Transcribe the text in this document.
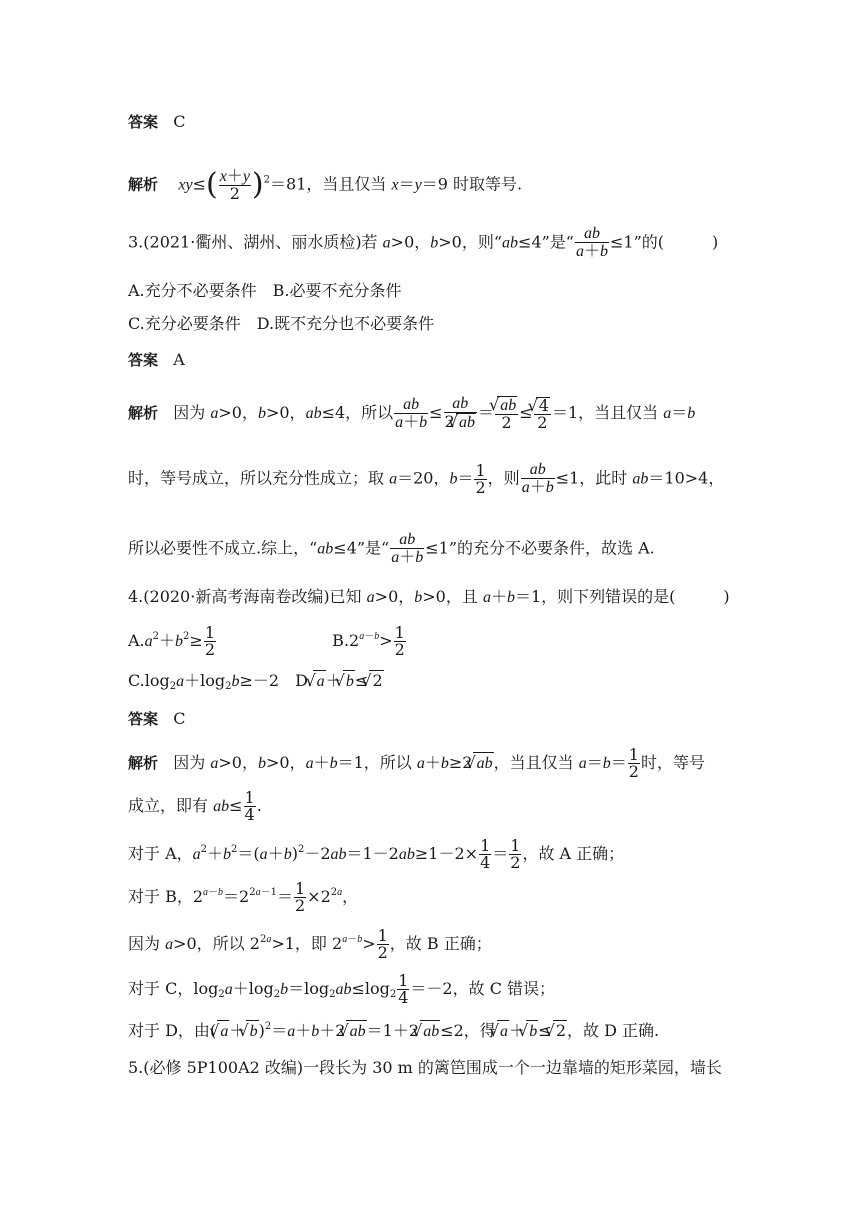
答案   C
解析 $xy\le( \frac{x+y}{2} )^2=81$，当且仅当 x＝y＝9 时取等号.
3.(2021·衢州、湖州、丽水质检)若 a>0，b>0，则“ab≤4”是“ $\frac{ab}{a+b} \le 1$”的(　　　)
A.充分不必要条件　B.必要不充分条件
C.充分必要条件　D.既不充分也不必要条件
答案   A
解析   因为 a>0，b>0，ab≤4，所以 $\frac{ab}{a+b} \le \frac{ab}{2 √ ab}$ ＝ √ $\frac{ab}{2}$ ≤ √ $\frac{4}{2} =1$，当且仅当 a＝b
时，等号成立，所以充分性成立；取 a＝20，$b= \frac{1}{2}$ ，则 $\frac{ab}{a+b} \le 1$，此时 ab＝10>4，
所以必要性不成立.综上，“ab≤4”是“ $\frac{ab}{a+b} \le 1$”的充分不必要条件，故选 A.
4.(2020·新高考海南卷改编)已知 a>0，b>0，且 a＋b＝1，则下列错误的是(　　　)
$A.a^2+b^2\ge \frac{1}{2}$	$B.2^{a-b}> \frac{1}{2}$
$C.\log_2a+\log_2b\ge-2$　D. √ a＋ √ b≤ √ 2
答案   C
解析   因为 a>0，b>0，a＋b＝1，所以 a＋b≥2 √ ab，当且仅当 $a=b= \frac{1}{2}$ 时，等号
成立，即有 $ab\le \frac{1}{4}$ .
对于 A，$a^2+b^2=(a+b)^2-2ab=1-2ab\ge 1-2\times \frac{1}{4} = \frac{1}{2}$ ，故 A 正确；
对于 B，$2^{a-b}=2^{2a-1}= \frac{1}{2} \times 2^{2a}$，
因为 a>0，所以 $2^{2a}>1$，即 $2^{a-b}> \frac{1}{2}$ ，故 B 正确；
对于 C，$\log_2a+\log_2b=\log_2ab\le\log_2 \frac{1}{4} =-2$，故 C 错误；
对于 D，由( √ a＋ √ b)$^2$＝a＋b＋2 √ ab＝1＋2 √ ab≤2，得 √ a＋ √ b≤ √ 2，故 D 正确.
5.(必修 5P100A2 改编)一段长为 30 m 的篱笆围成一个一边靠墙的矩形菜园，墙长
